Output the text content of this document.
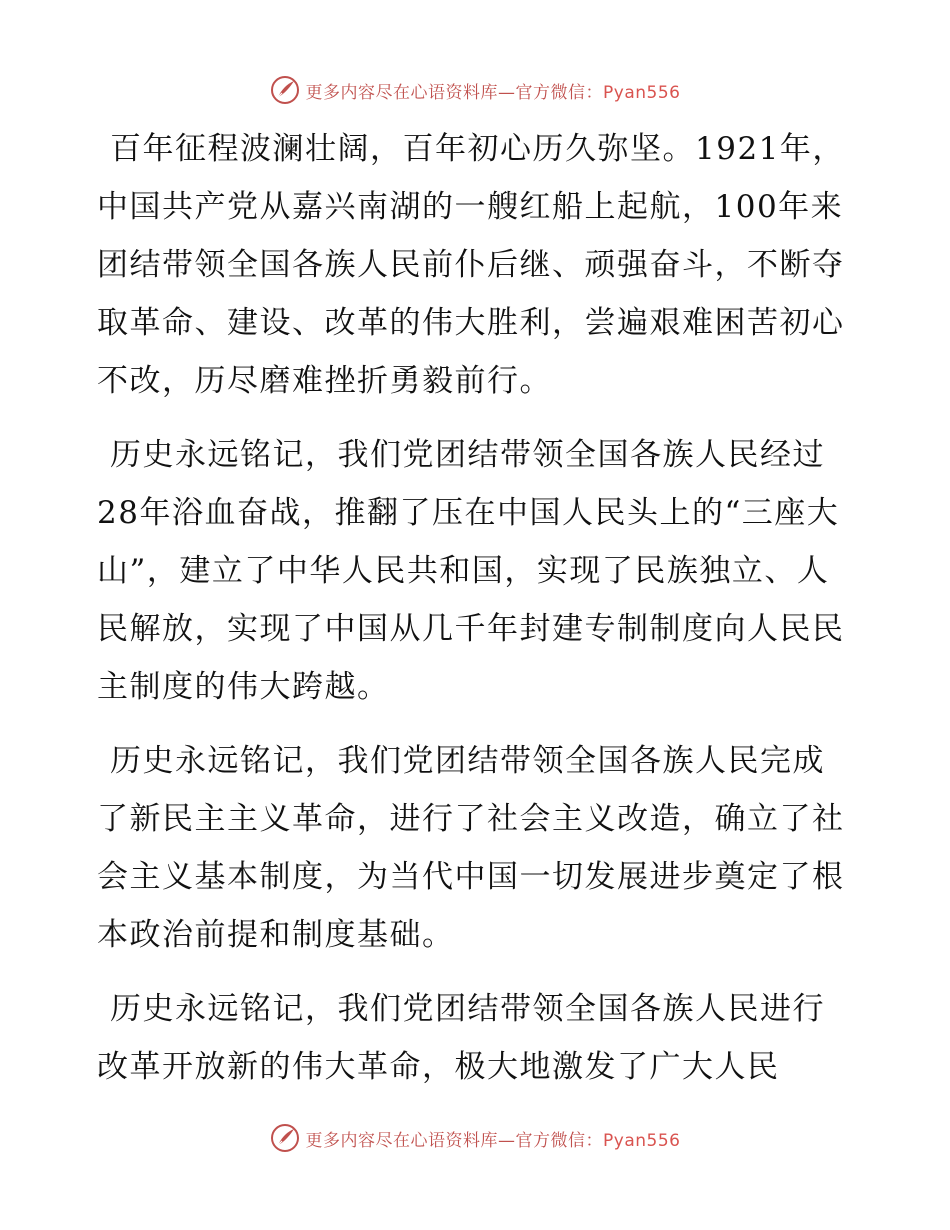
更多内容尽在心语资料库—官方微信：Pyan556

百年征程波澜壮阔，百年初心历久弥坚。1921年，中国共产党从嘉兴南湖的一艘红船上起航，100年来团结带领全国各族人民前仆后继、顽强奋斗，不断夺取革命、建设、改革的伟大胜利，尝遍艰难困苦初心不改，历尽磨难挫折勇毅前行。

历史永远铭记，我们党团结带领全国各族人民经过28年浴血奋战，推翻了压在中国人民头上的“三座大山”，建立了中华人民共和国，实现了民族独立、人民解放，实现了中国从几千年封建专制制度向人民民主制度的伟大跨越。

历史永远铭记，我们党团结带领全国各族人民完成了新民主主义革命，进行了社会主义改造，确立了社会主义基本制度，为当代中国一切发展进步奠定了根本政治前提和制度基础。

历史永远铭记，我们党团结带领全国各族人民进行改革开放新的伟大革命，极大地激发了广大人民

更多内容尽在心语资料库—官方微信：Pyan556
